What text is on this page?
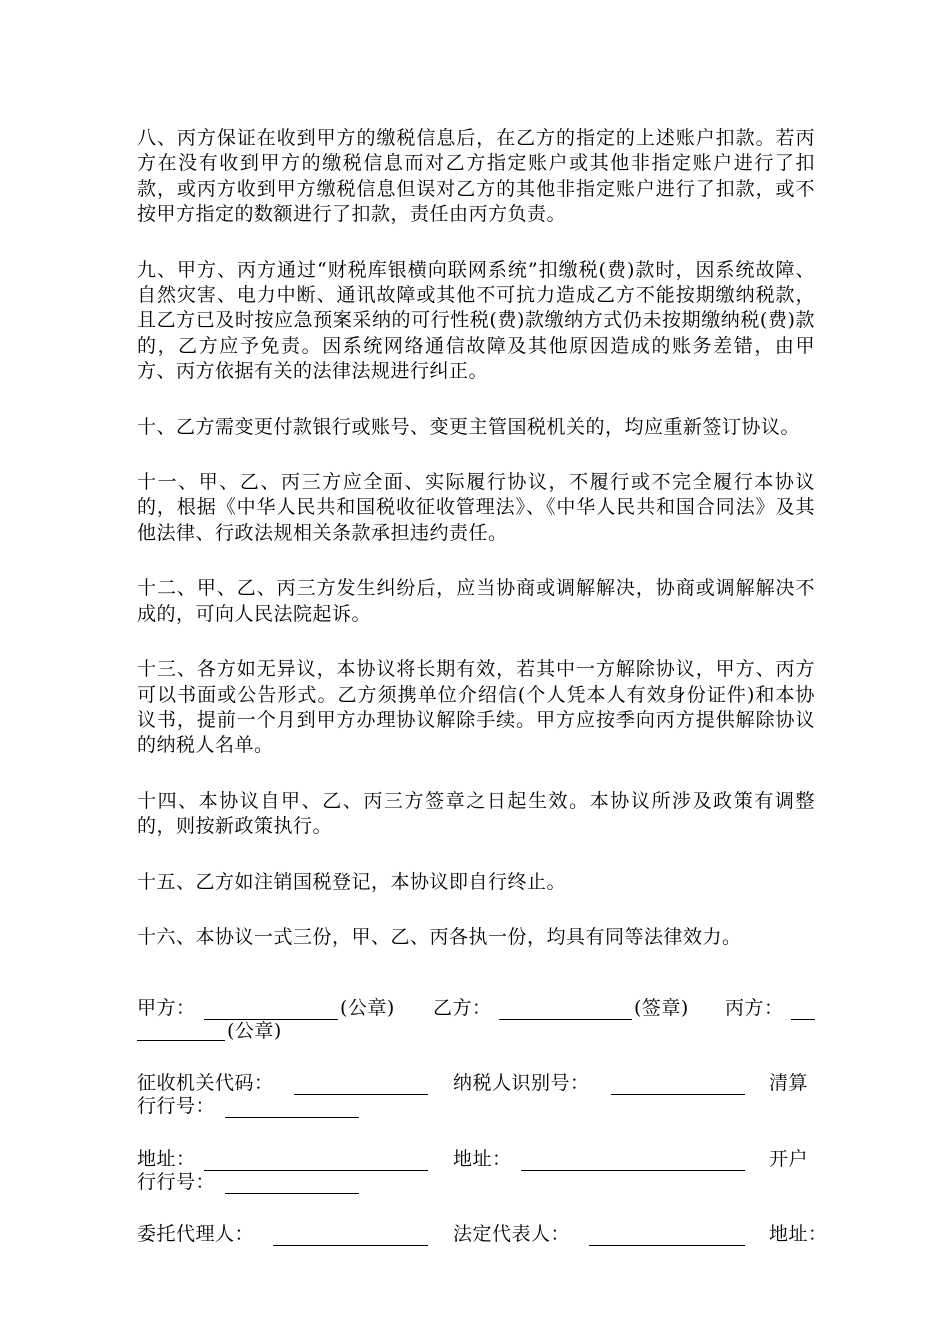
八、丙方保证在收到甲方的缴税信息后，在乙方的指定的上述账户扣款。若丙方在没有收到甲方的缴税信息而对乙方指定账户或其他非指定账户进行了扣款，或丙方收到甲方缴税信息但误对乙方的其他非指定账户进行了扣款，或不按甲方指定的数额进行了扣款，责任由丙方负责。

九、甲方、丙方通过“财税库银横向联网系统”扣缴税(费)款时，因系统故障、自然灾害、电力中断、通讯故障或其他不可抗力造成乙方不能按期缴纳税款，且乙方已及时按应急预案采纳的可行性税(费)款缴纳方式仍未按期缴纳税(费)款的，乙方应予免责。因系统网络通信故障及其他原因造成的账务差错，由甲方、丙方依据有关的法律法规进行纠正。

十、乙方需变更付款银行或账号、变更主管国税机关的，均应重新签订协议。

十一、甲、乙、丙三方应全面、实际履行协议，不履行或不完全履行本协议的，根据《中华人民共和国税收征收管理法》、《中华人民共和国合同法》及其他法律、行政法规相关条款承担违约责任。

十二、甲、乙、丙三方发生纠纷后，应当协商或调解解决，协商或调解解决不成的，可向人民法院起诉。

十三、各方如无异议，本协议将长期有效，若其中一方解除协议，甲方、丙方可以书面或公告形式。乙方须携单位介绍信(个人凭本人有效身份证件)和本协议书，提前一个月到甲方办理协议解除手续。甲方应按季向丙方提供解除协议的纳税人名单。

十四、本协议自甲、乙、丙三方签章之日起生效。本协议所涉及政策有调整的，则按新政策执行。

十五、乙方如注销国税登记，本协议即自行终止。

十六、本协议一式三份，甲、乙、丙各执一份，均具有同等法律效力。

甲方：	(公章) 乙方：	(签章) 丙方：
(公章)
征收机关代码：	纳税人识别号：	清算
行行号：
地址：	地址：	开户
行行号：
委托代理人：	法定代表人：	地址：
